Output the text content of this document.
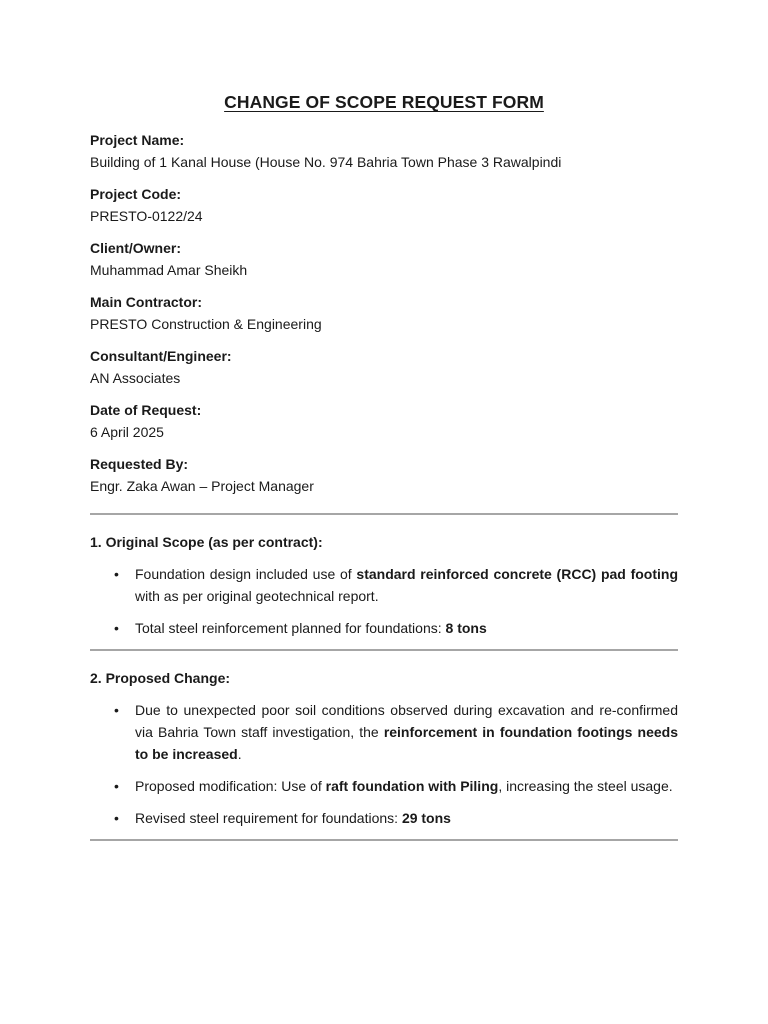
CHANGE OF SCOPE REQUEST FORM
Project Name:
Building of 1 Kanal House (House No. 974 Bahria Town Phase 3 Rawalpindi
Project Code:
PRESTO-0122/24
Client/Owner:
Muhammad Amar Sheikh
Main Contractor:
PRESTO Construction & Engineering
Consultant/Engineer:
AN Associates
Date of Request:
6 April 2025
Requested By:
Engr. Zaka Awan – Project Manager
1. Original Scope (as per contract):
• Foundation design included use of standard reinforced concrete (RCC) pad footing with as per original geotechnical report.
• Total steel reinforcement planned for foundations: 8 tons
2. Proposed Change:
• Due to unexpected poor soil conditions observed during excavation and re-confirmed via Bahria Town staff investigation, the reinforcement in foundation footings needs to be increased.
• Proposed modification: Use of raft foundation with Piling, increasing the steel usage.
• Revised steel requirement for foundations: 29 tons
